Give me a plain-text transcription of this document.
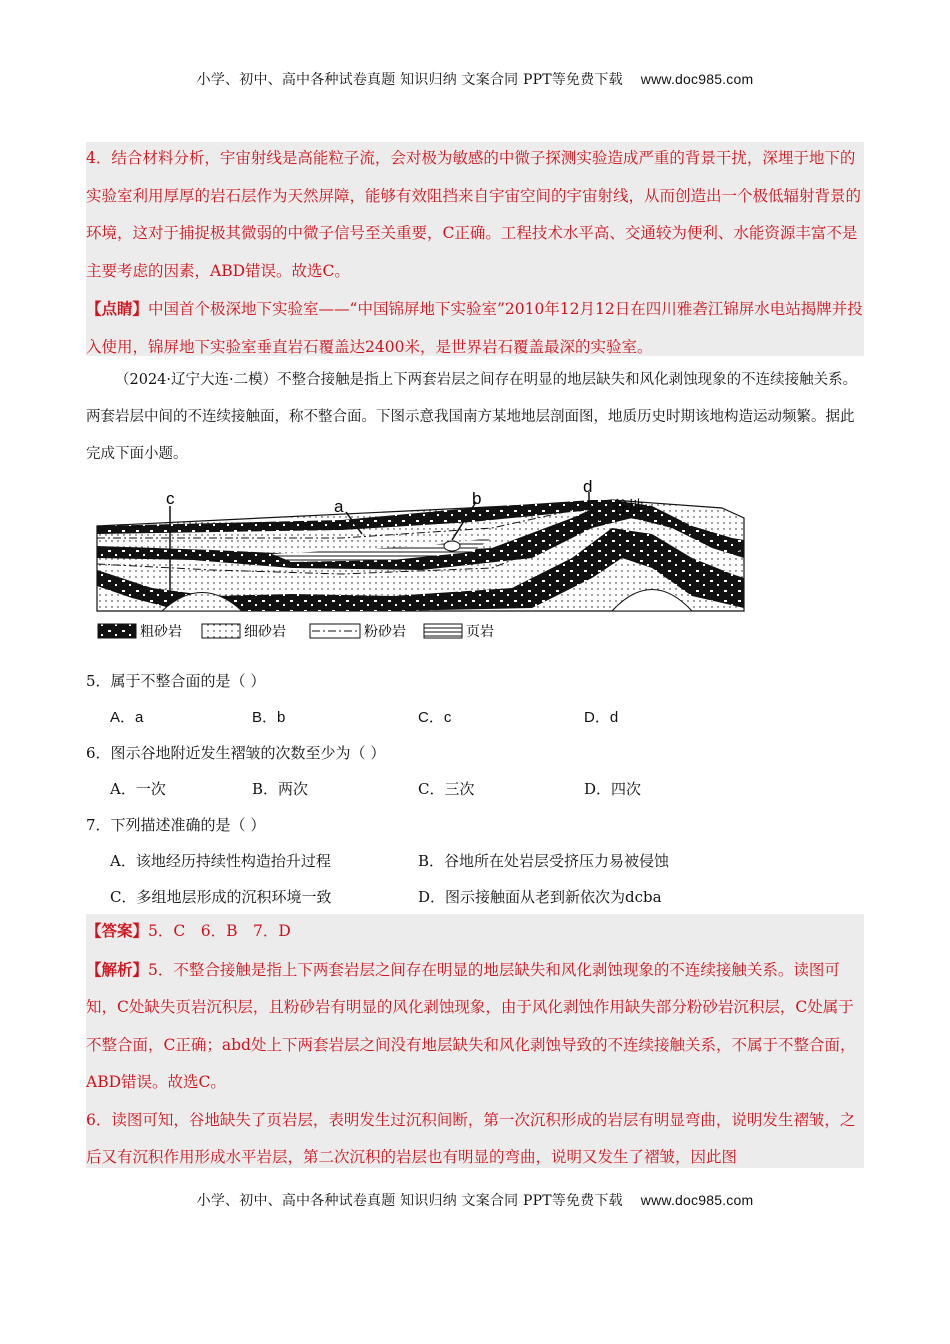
小学、初中、高中各种试卷真题 知识归纳 文案合同 PPT等免费下载 www.doc985.com

4．结合材料分析，宇宙射线是高能粒子流，会对极为敏感的中微子探测实验造成严重的背景干扰，深埋于地下的实验室利用厚厚的岩石层作为天然屏障，能够有效阻挡来自宇宙空间的宇宙射线，从而创造出一个极低辐射背景的环境，这对于捕捉极其微弱的中微子信号至关重要，C正确。工程技术水平高、交通较为便利、水能资源丰富不是主要考虑的因素，ABD错误。故选C。

【点睛】中国首个极深地下实验室——“中国锦屏地下实验室”2010年12月12日在四川雅砻江锦屏水电站揭牌并投入使用，锦屏地下实验室垂直岩石覆盖达2400米，是世界岩石覆盖最深的实验室。

（2024·辽宁大连·二模）不整合接触是指上下两套岩层之间存在明显的地层缺失和风化剥蚀现象的不连续接触关系。两套岩层中间的不连续接触面，称不整合面。下图示意我国南方某地地层剖面图，地质历史时期该地构造运动频繁。据此完成下面小题。
c	a	b
d
谷地
粗砂岩	细砂岩	粉砂岩	页岩
5．属于不整合面的是（ ）
A．a	B．b	C．c	D．d
6．图示谷地附近发生褶皱的次数至少为（ ）
A．一次	B．两次	C．三次	D．四次
7．下列描述准确的是（ ）
A．该地经历持续性构造抬升过程	B．谷地所在处岩层受挤压力易被侵蚀
C．多组地层形成的沉积环境一致	D．图示接触面从老到新依次为dcba

【答案】5．C　6．B　7．D

【解析】5．不整合接触是指上下两套岩层之间存在明显的地层缺失和风化剥蚀现象的不连续接触关系。读图可知，C处缺失页岩沉积层，且粉砂岩有明显的风化剥蚀现象，由于风化剥蚀作用缺失部分粉砂岩沉积层，C处属于不整合面，C正确；abd处上下两套岩层之间没有地层缺失和风化剥蚀导致的不连续接触关系，不属于不整合面，ABD错误。故选C。

6．读图可知，谷地缺失了页岩层，表明发生过沉积间断，第一次沉积形成的岩层有明显弯曲，说明发生褶皱，之后又有沉积作用形成水平岩层，第二次沉积的岩层也有明显的弯曲，说明又发生了褶皱，因此图

小学、初中、高中各种试卷真题 知识归纳 文案合同 PPT等免费下载 www.doc985.com
